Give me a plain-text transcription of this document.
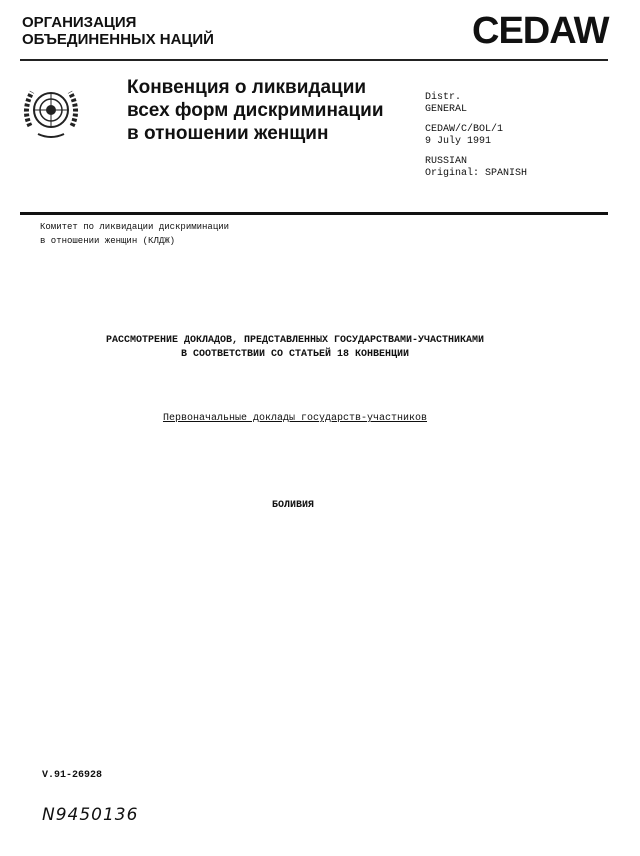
ОРГАНИЗАЦИЯ
ОБЪЕДИНЕННЫХ НАЦИЙ	CEDAW
Конвенция о ликвидации
всех форм дискриминации
в отношении женщин
Distr.
GENERAL
CEDAW/C/BOL/1
9 July 1991
RUSSIAN
Original: SPANISH
Комитет по ликвидации дискриминации
в отношении женщин (КЛДЖ)
РАССМОТРЕНИЕ ДОКЛАДОВ, ПРЕДСТАВЛЕННЫХ ГОСУДАРСТВАМИ-УЧАСТНИКАМИ
В СООТВЕТСТВИИ СО СТАТЬЕЙ 18 КОНВЕНЦИИ
Первоначальные доклады государств-участников
БОЛИВИЯ
V.91-26928
N9450136
